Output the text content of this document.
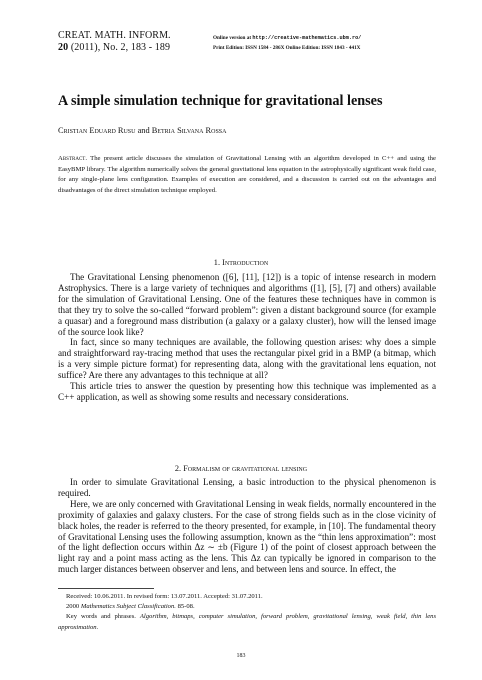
CREAT. MATH. INFORM.
20 (2011), No. 2, 183 - 189
Online version at http://creative-mathematics.ubm.ro/
Print Edition: ISSN 1584 - 286X Online Edition: ISSN 1843 - 441X
A simple simulation technique for gravitational lenses
Cristian Eduard Rusu and Betria Silvana Rossa
Abstract. The present article discusses the simulation of Gravitational Lensing with an algorithm developed in C++ and using the EasyBMP library. The algorithm numerically solves the general gravitational lens equation in the astrophysically significant weak field case, for any single-plane lens configuration. Examples of execution are considered, and a discussion is carried out on the advantages and disadvantages of the direct simulation technique employed.
1. Introduction

The Gravitational Lensing phenomenon ([6], [11], [12]) is a topic of intense research in modern Astrophysics. There is a large variety of techniques and algorithms ([1], [5], [7] and others) available for the simulation of Gravitational Lensing. One of the features these techniques have in common is that they try to solve the so-called “forward problem”: given a distant background source (for example a quasar) and a foreground mass distribution (a galaxy or a galaxy cluster), how will the lensed image of the source look like?

In fact, since so many techniques are available, the following question arises: why does a simple and straightforward ray-tracing method that uses the rectangular pixel grid in a BMP (a bitmap, which is a very simple picture format) for representing data, along with the gravitational lens equation, not suffice? Are there any advantages to this technique at all?

This article tries to answer the question by presenting how this technique was implemented as a C++ application, as well as showing some results and necessary considerations.

2. Formalism of gravitational lensing

In order to simulate Gravitational Lensing, a basic introduction to the physical phenomenon is required.

Here, we are only concerned with Gravitational Lensing in weak fields, normally encountered in the proximity of galaxies and galaxy clusters. For the case of strong fields such as in the close vicinity of black holes, the reader is referred to the theory presented, for example, in [10]. The fundamental theory of Gravitational Lensing uses the following assumption, known as the “thin lens approximation”: most of the light deflection occurs within Δz ∼ ±b (Figure 1) of the point of closest approach between the light ray and a point mass acting as the lens. This Δz can typically be ignored in comparison to the much larger distances between observer and lens, and between lens and source. In effect, the

Received: 10.06.2011. In revised form: 13.07.2011. Accepted: 31.07.2011.
2000 Mathematics Subject Classification. 85-08.
Key words and phrases. Algorithm, bitmaps, computer simulation, forward problem, gravitational lensing, weak field, thin lens approximation.
183
